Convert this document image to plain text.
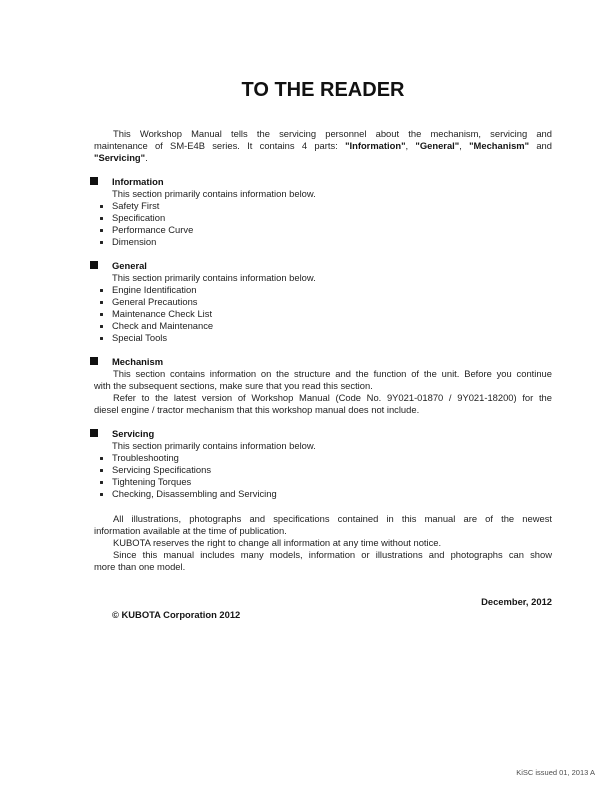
TO THE READER
This Workshop Manual tells the servicing personnel about the mechanism, servicing and
maintenance of SM-E4B series. It contains 4 parts: "Information", "General", "Mechanism" and
"Servicing".
Information
This section primarily contains information below.
Safety First
Specification
Performance Curve
Dimension
General
This section primarily contains information below.
Engine Identification
General Precautions
Maintenance Check List
Check and Maintenance
Special Tools
Mechanism
This section contains information on the structure and the function of the unit. Before you continue
with the subsequent sections, make sure that you read this section.
Refer to the latest version of Workshop Manual (Code No. 9Y021-01870 / 9Y021-18200) for the
diesel engine / tractor mechanism that this workshop manual does not include.
Servicing
This section primarily contains information below.
Troubleshooting
Servicing Specifications
Tightening Torques
Checking, Disassembling and Servicing
All illustrations, photographs and specifications contained in this manual are of the newest
information available at the time of publication.
KUBOTA reserves the right to change all information at any time without notice.
Since this manual includes many models, information or illustrations and photographs can show
more than one model.
December, 2012
© KUBOTA Corporation 2012
KiSC issued 01, 2013 A
